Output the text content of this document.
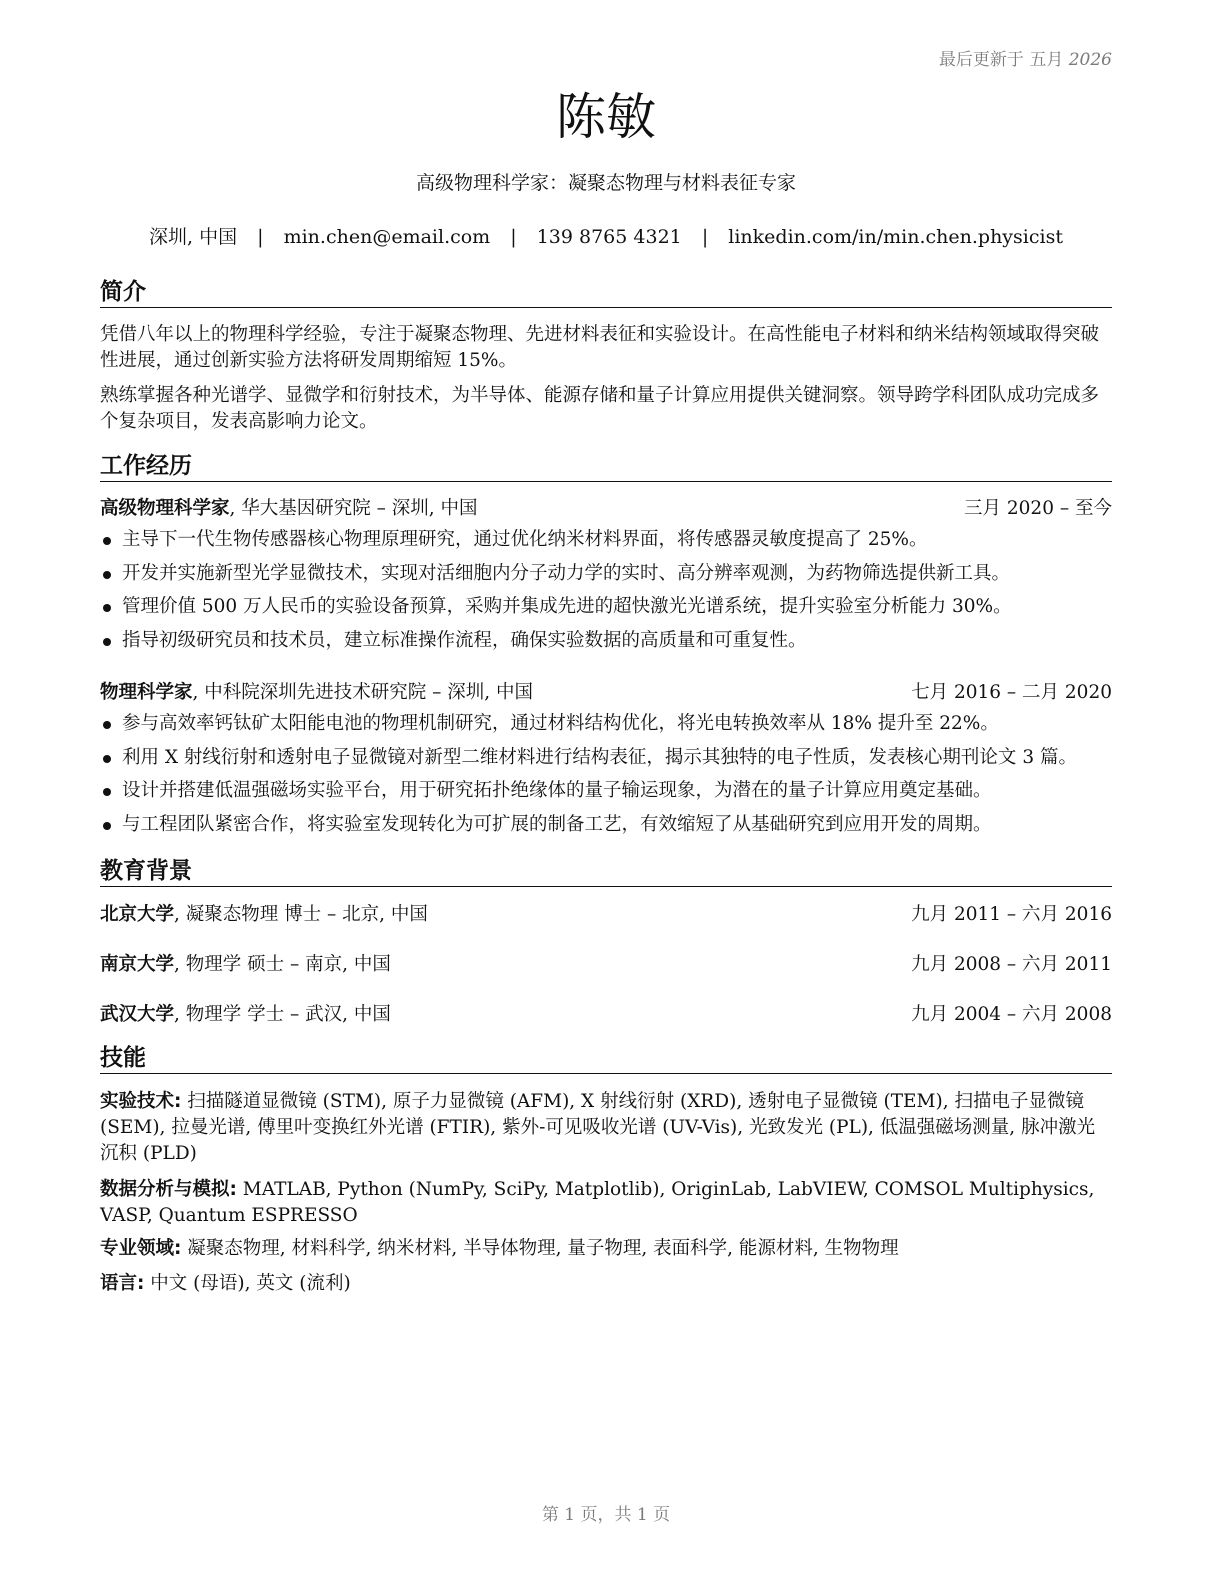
最后更新于 五月 2026
陈敏
高级物理科学家：凝聚态物理与材料表征专家
深圳, 中国 | min.chen@email.com | 139 8765 4321 | linkedin.com/in/min.chen.physicist
简介
凭借八年以上的物理科学经验，专注于凝聚态物理、先进材料表征和实验设计。在高性能电子材料和纳米结构领域取得突破性进展，通过创新实验方法将研发周期缩短 15%。
熟练掌握各种光谱学、显微学和衍射技术，为半导体、能源存储和量子计算应用提供关键洞察。领导跨学科团队成功完成多个复杂项目，发表高影响力论文。
工作经历
高级物理科学家, 华大基因研究院 – 深圳, 中国	三月 2020 – 至今
主导下一代生物传感器核心物理原理研究，通过优化纳米材料界面，将传感器灵敏度提高了 25%。
开发并实施新型光学显微技术，实现对活细胞内分子动力学的实时、高分辨率观测，为药物筛选提供新工具。
管理价值 500 万人民币的实验设备预算，采购并集成先进的超快激光光谱系统，提升实验室分析能力 30%。
指导初级研究员和技术员，建立标准操作流程，确保实验数据的高质量和可重复性。
物理科学家, 中科院深圳先进技术研究院 – 深圳, 中国	七月 2016 – 二月 2020
参与高效率钙钛矿太阳能电池的物理机制研究，通过材料结构优化，将光电转换效率从 18% 提升至 22%。
利用 X 射线衍射和透射电子显微镜对新型二维材料进行结构表征，揭示其独特的电子性质，发表核心期刊论文 3 篇。
设计并搭建低温强磁场实验平台，用于研究拓扑绝缘体的量子输运现象，为潜在的量子计算应用奠定基础。
与工程团队紧密合作，将实验室发现转化为可扩展的制备工艺，有效缩短了从基础研究到应用开发的周期。
教育背景
北京大学, 凝聚态物理 博士 – 北京, 中国	九月 2011 – 六月 2016
南京大学, 物理学 硕士 – 南京, 中国	九月 2008 – 六月 2011
武汉大学, 物理学 学士 – 武汉, 中国	九月 2004 – 六月 2008
技能
实验技术: 扫描隧道显微镜 (STM), 原子力显微镜 (AFM), X 射线衍射 (XRD), 透射电子显微镜 (TEM), 扫描电子显微镜 (SEM), 拉曼光谱, 傅里叶变换红外光谱 (FTIR), 紫外-可见吸收光谱 (UV-Vis), 光致发光 (PL), 低温强磁场测量, 脉冲激光沉积 (PLD)
数据分析与模拟: MATLAB, Python (NumPy, SciPy, Matplotlib), OriginLab, LabVIEW, COMSOL Multiphysics, VASP, Quantum ESPRESSO
专业领域: 凝聚态物理, 材料科学, 纳米材料, 半导体物理, 量子物理, 表面科学, 能源材料, 生物物理
语言: 中文 (母语), 英文 (流利)
第 1 页，共 1 页
